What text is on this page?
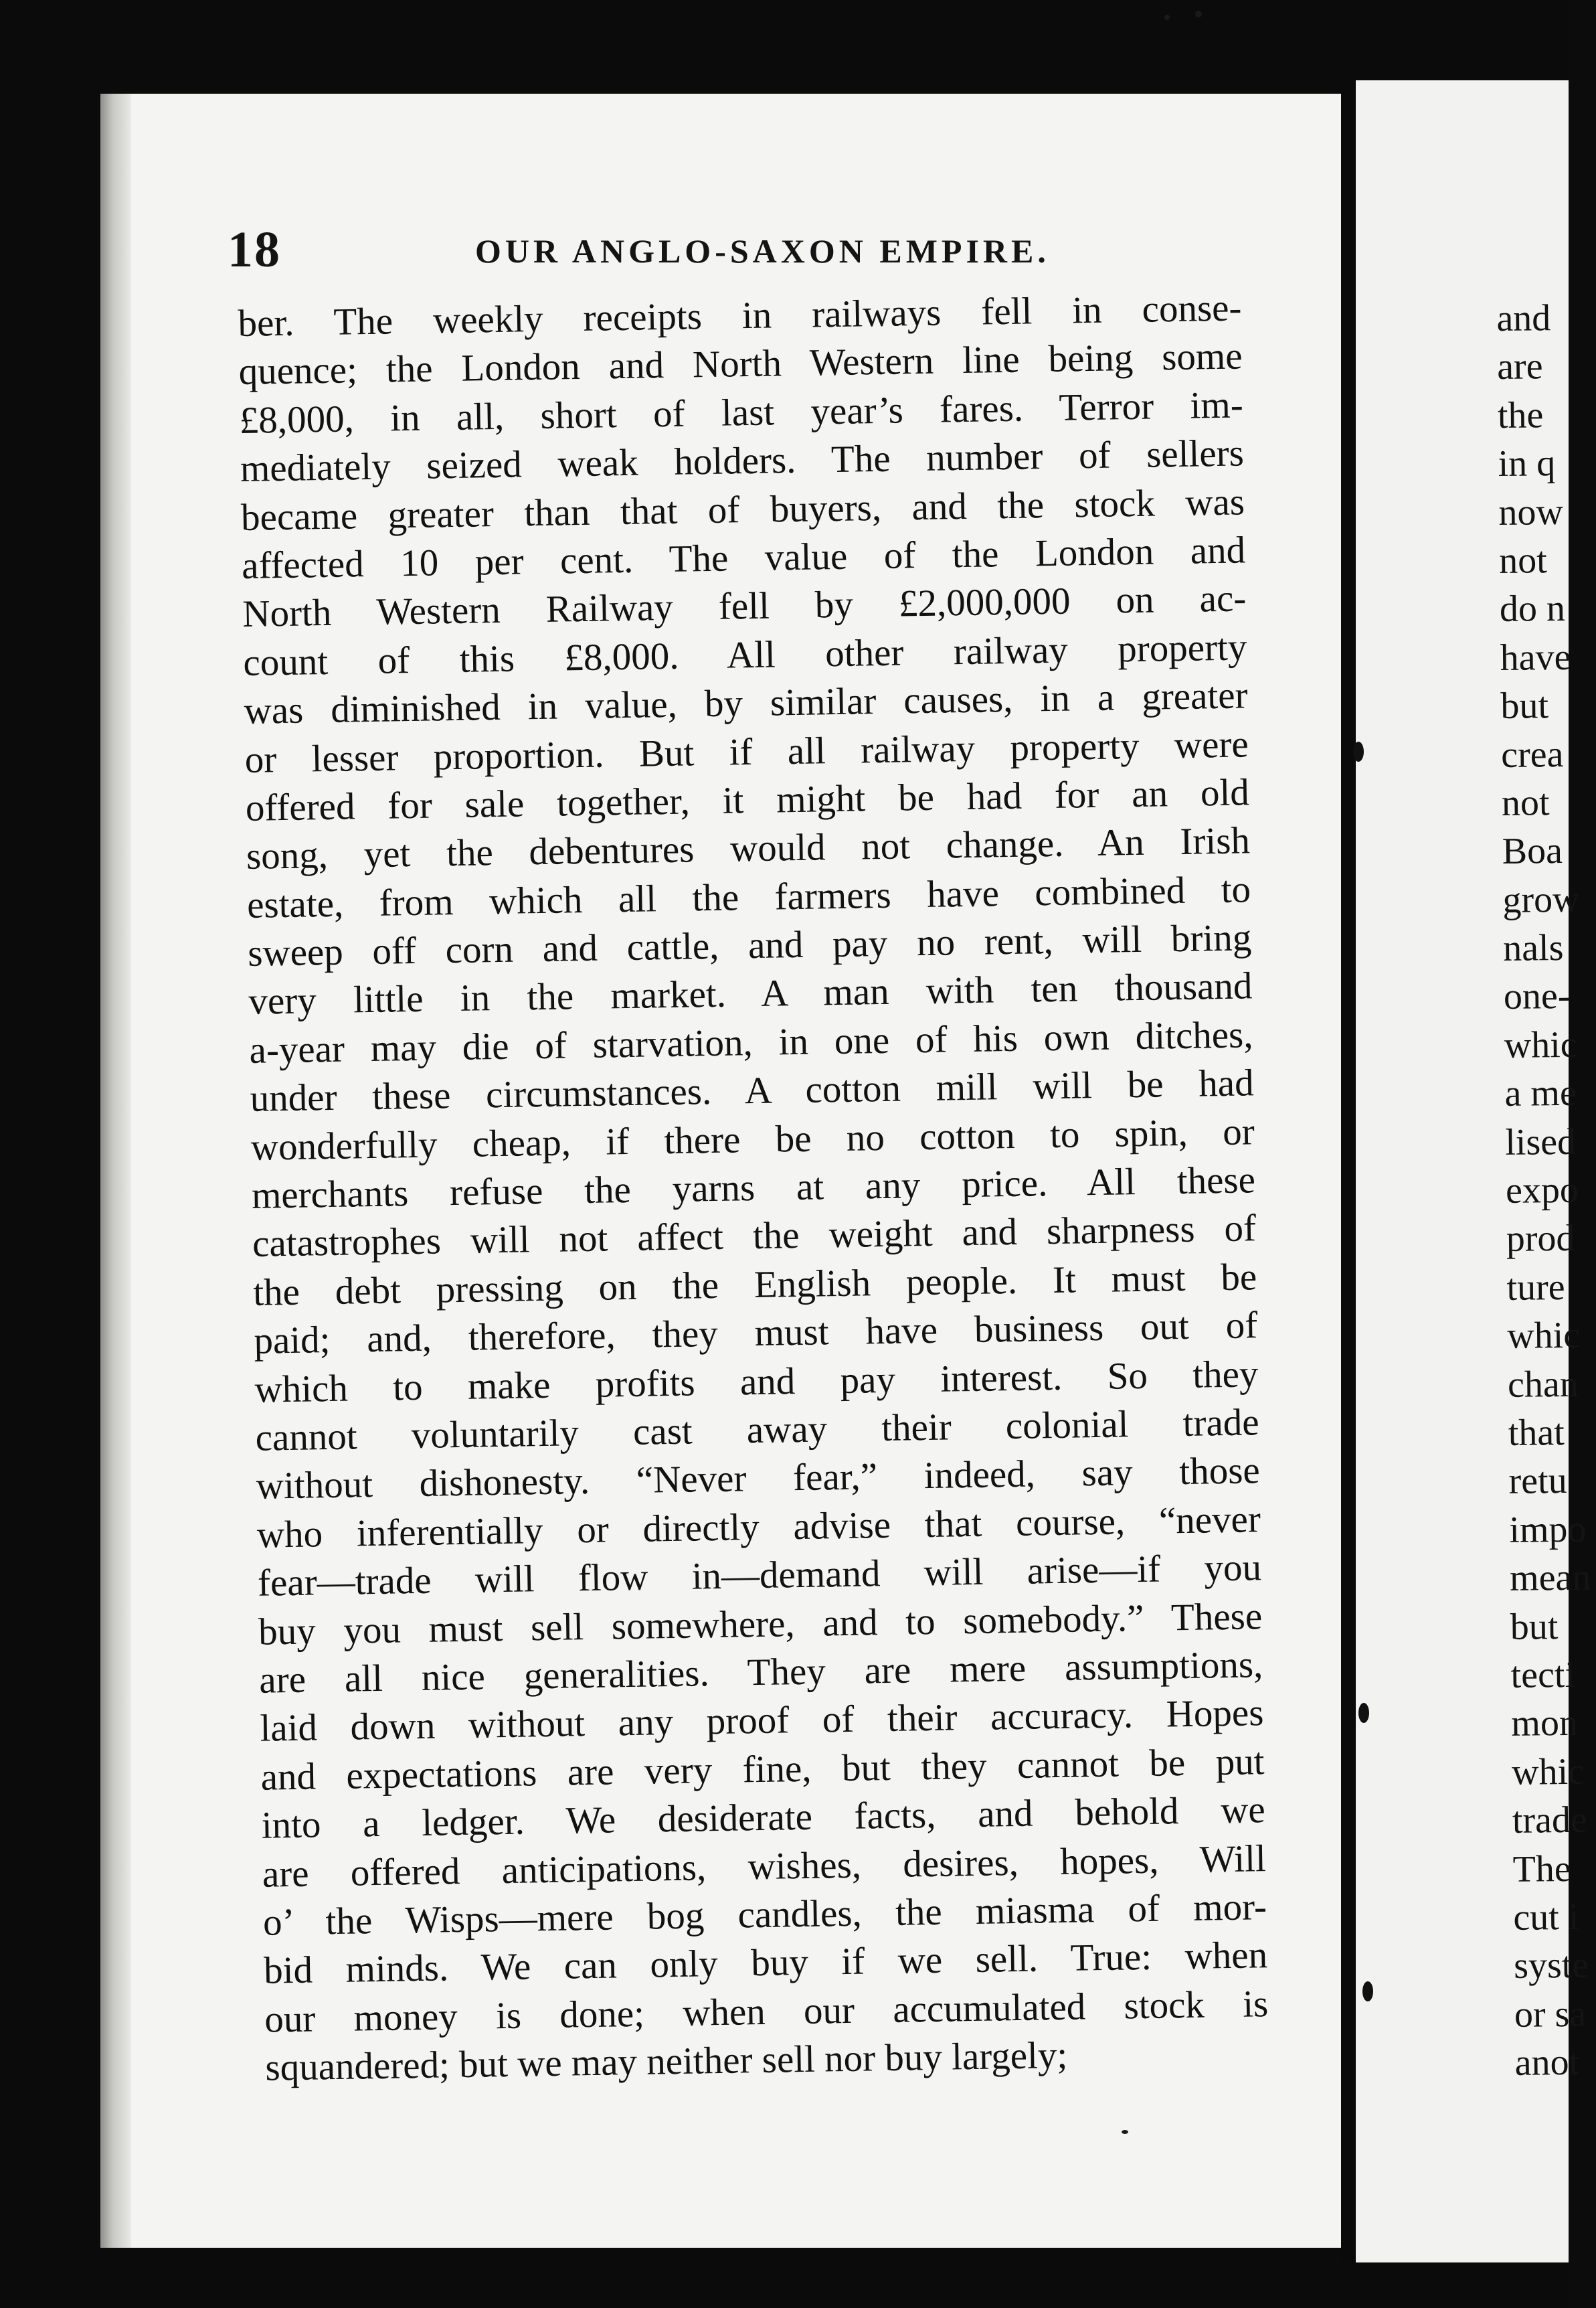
18	OUR ANGLO-SAXON EMPIRE.
ber. The weekly receipts in railways fell in conse-
quence; the London and North Western line being some
£8,000, in all, short of last year’s fares. Terror im-
mediately seized weak holders. The number of sellers
became greater than that of buyers, and the stock was
affected 10 per cent. The value of the London and
North Western Railway fell by £2,000,000 on ac-
count of this £8,000. All other railway property
was diminished in value, by similar causes, in a greater
or lesser proportion. But if all railway property were
offered for sale together, it might be had for an old
song, yet the debentures would not change. An Irish
estate, from which all the farmers have combined to
sweep off corn and cattle, and pay no rent, will bring
very little in the market. A man with ten thousand
a-year may die of starvation, in one of his own ditches,
under these circumstances. A cotton mill will be had
wonderfully cheap, if there be no cotton to spin, or
merchants refuse the yarns at any price. All these
catastrophes will not affect the weight and sharpness of
the debt pressing on the English people. It must be
paid; and, therefore, they must have business out of
which to make profits and pay interest. So they
cannot voluntarily cast away their colonial trade
without dishonesty. “Never fear,” indeed, say those
who inferentially or directly advise that course, “never
fear—trade will flow in—demand will arise—if you
buy you must sell somewhere, and to somebody.” These
are all nice generalities. They are mere assumptions,
laid down without any proof of their accuracy. Hopes
and expectations are very fine, but they cannot be put
into a ledger. We desiderate facts, and behold we
are offered anticipations, wishes, desires, hopes, Will
o’ the Wisps—mere bog candles, the miasma of mor-
bid minds. We can only buy if we sell. True: when
our money is done; when our accumulated stock is
squandered; but we may neither sell nor buy largely;
and
are
the
in q
now
not
do n
have
but
crea
not
Boa
grow
nals
one-
whic
a me
lised
expo
prod
ture
whic
chan
that
retu
impo
mean
but
tecti
mon
whic
trade
The
cut i
syste
or sa
anot
